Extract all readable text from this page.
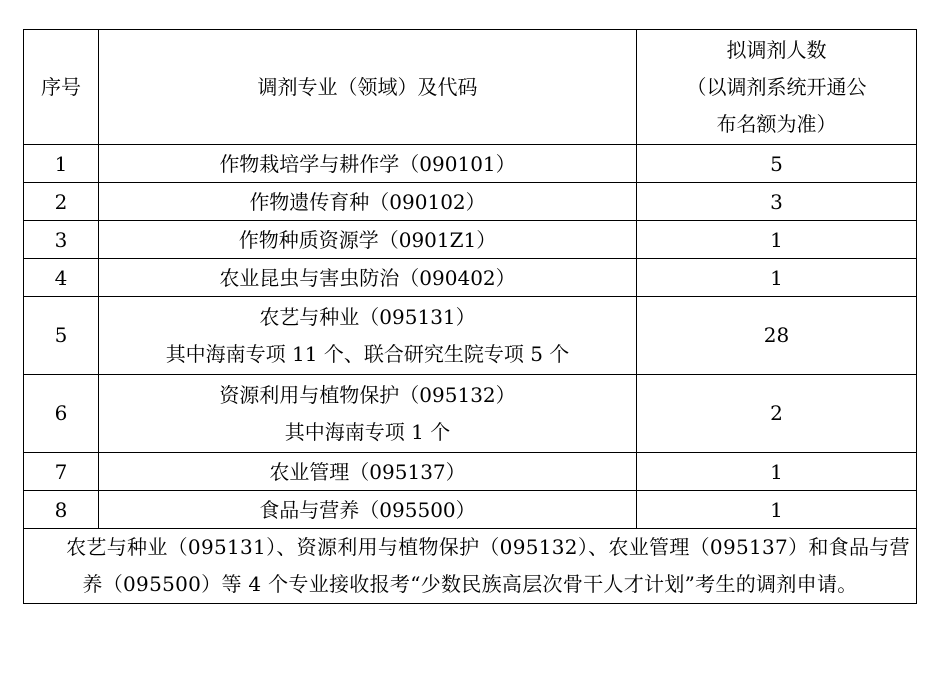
序号	调剂专业（领域）及代码	拟调剂人数
（以调剂系统开通公
布名额为准）

1	作物栽培学与耕作学（090101）	5
2	作物遗传育种（090102）	3
3	作物种质资源学（0901Z1）	1
4	农业昆虫与害虫防治（090402）	1
5	农艺与种业（095131）
其中海南专项 11 个、联合研究生院专项 5 个	28
6	资源利用与植物保护（095132）
其中海南专项 1 个	2
7	农业管理（095137）	1
8	食品与营养（095500）	1

农艺与种业（095131）、资源利用与植物保护（095132）、农业管理（095137）和食品与营养（095500）等 4 个专业接收报考“少数民族高层次骨干人才计划”考生的调剂申请。		
